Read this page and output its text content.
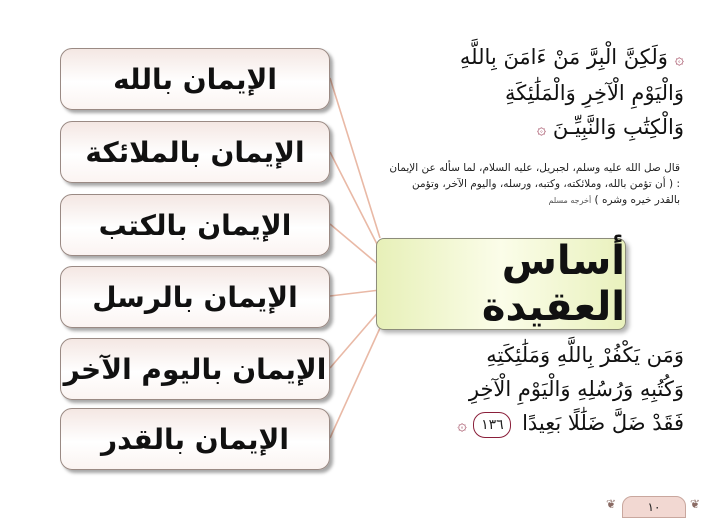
۞ وَلَكِنَّ الْبِرَّ مَنْ ءَامَنَ بِاللَّهِ
وَالْيَوْمِ الْآخِرِ وَالْمَلَٰئِكَةِ
وَالْكِتَٰبِ وَالنَّبِيِّـنَ ۞
قال صل الله عليه وسلم، لجبريل، عليه السلام، لما سأله عن الإيمان : ( أن تؤمن بالله، وملائكته، وكتبه، ورسله، واليوم الآخر، وتؤمن بالقدر خيره وشره ) أخرجه مسلم
أساس العقيدة
الإيمان بالله
الإيمان بالملائكة
الإيمان بالكتب
الإيمان بالرسل
الإيمان باليوم الآخر
الإيمان بالقدر
وَمَن يَكْفُرْ بِاللَّهِ وَمَلَٰئِكَتِهِ
وَكُتُبِهِ وَرُسُلِهِ وَالْيَوْمِ الْآخِرِ
فَقَدْ ضَلَّ ضَلَٰلًا بَعِيدًا ١٣٦ ۞
❦	١٠ ❦
